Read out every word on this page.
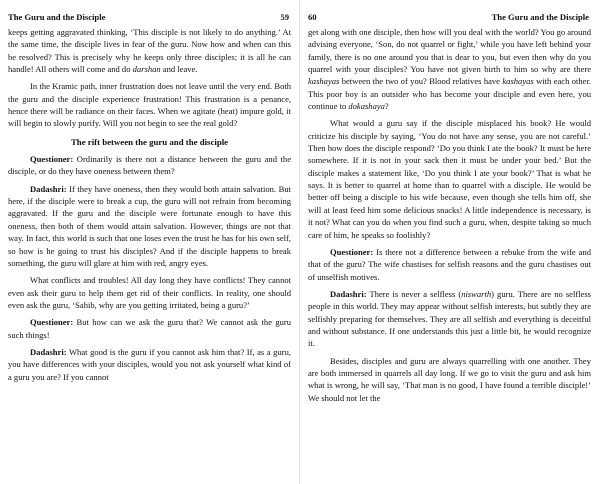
The Guru and the Disciple	59

keeps getting aggravated thinking, ‘This disciple is not likely to do anything.’ At the same time, the disciple lives in fear of the guru. Now how and when can this be resolved? This is precisely why he keeps only three disciples; it is all he can handle! All others will come and do darshan and leave.

In the Kramic path, inner frustration does not leave until the very end. Both the guru and the disciple experience frustration! This frustration is a penance, hence there will be radiance on their faces. When we agitate (heat) impure gold, it will begin to slowly purify. Will you not begin to see the real gold?

The rift between the guru and the disciple

Questioner: Ordinarily is there not a distance between the guru and the disciple, or do they have oneness between them?

Dadashri: If they have oneness, then they would both attain salvation. But here, if the disciple were to break a cup, the guru will not refrain from becoming aggravated. If the guru and the disciple were fortunate enough to have this oneness, then both of them would attain salvation. However, things are not that way. In fact, this world is such that one loses even the trust he has for his own self, so how is he going to trust his disciples? And if the disciple happens to break something, the guru will glare at him with red, angry eyes.

What conflicts and troubles! All day long they have conflicts! They cannot even ask their guru to help them get rid of their conflicts. In reality, one should even ask the guru, ‘Sahib, why are you getting irritated, being a guru?’

Questioner: But how can we ask the guru that? We cannot ask the guru such things!

Dadashri: What good is the guru if you cannot ask him that? If, as a guru, you have differences with your disciples, would you not ask yourself what kind of a guru you are? If you cannot

60	The Guru and the Disciple

get along with one disciple, then how will you deal with the world? You go around advising everyone, ‘Son, do not quarrel or fight,’ while you have left behind your family, there is no one around you that is dear to you, but even then why do you quarrel with your disciples? You have not given birth to him so why are there kashayas between the two of you? Blood relatives have kashayas with each other. This poor boy is an outsider who has become your disciple and even here, you continue to dokashaya?

What would a guru say if the disciple misplaced his book? He would criticize his disciple by saying, ‘You do not have any sense, you are not careful.’ Then how does the disciple respond? ‘Do you think I ate the book? It must be here somewhere. If it is not in your sack then it must be under your bed.’ But the disciple makes a statement like, ‘Do you think I ate your book?’ That is what he says. It is better to quarrel at home than to quarrel with a disciple. He would be better off being a disciple to his wife because, even though she tells him off, she will at least feed him some delicious snacks! A little independence is necessary, is it not? What can you do when you find such a guru, when, despite taking so much care of him, he speaks so foolishly?

Questioner: Is there not a difference between a rebuke from the wife and that of the guru? The wife chastises for selfish reasons and the guru chastises out of unselfish motives.

Dadashri: There is never a selfless (niswarth) guru. There are no selfless people in this world. They may appear without selfish interests, but subtly they are selfishly preparing for themselves. They are all selfish and everything is deceitful and without substance. If one understands this just a little bit, he would recognize it.

Besides, disciples and guru are always quarrelling with one another. They are both immersed in quarrels all day long. If we go to visit the guru and ask him what is wrong, he will say, ‘That man is no good, I have found a terrible disciple!’ We should not let the
